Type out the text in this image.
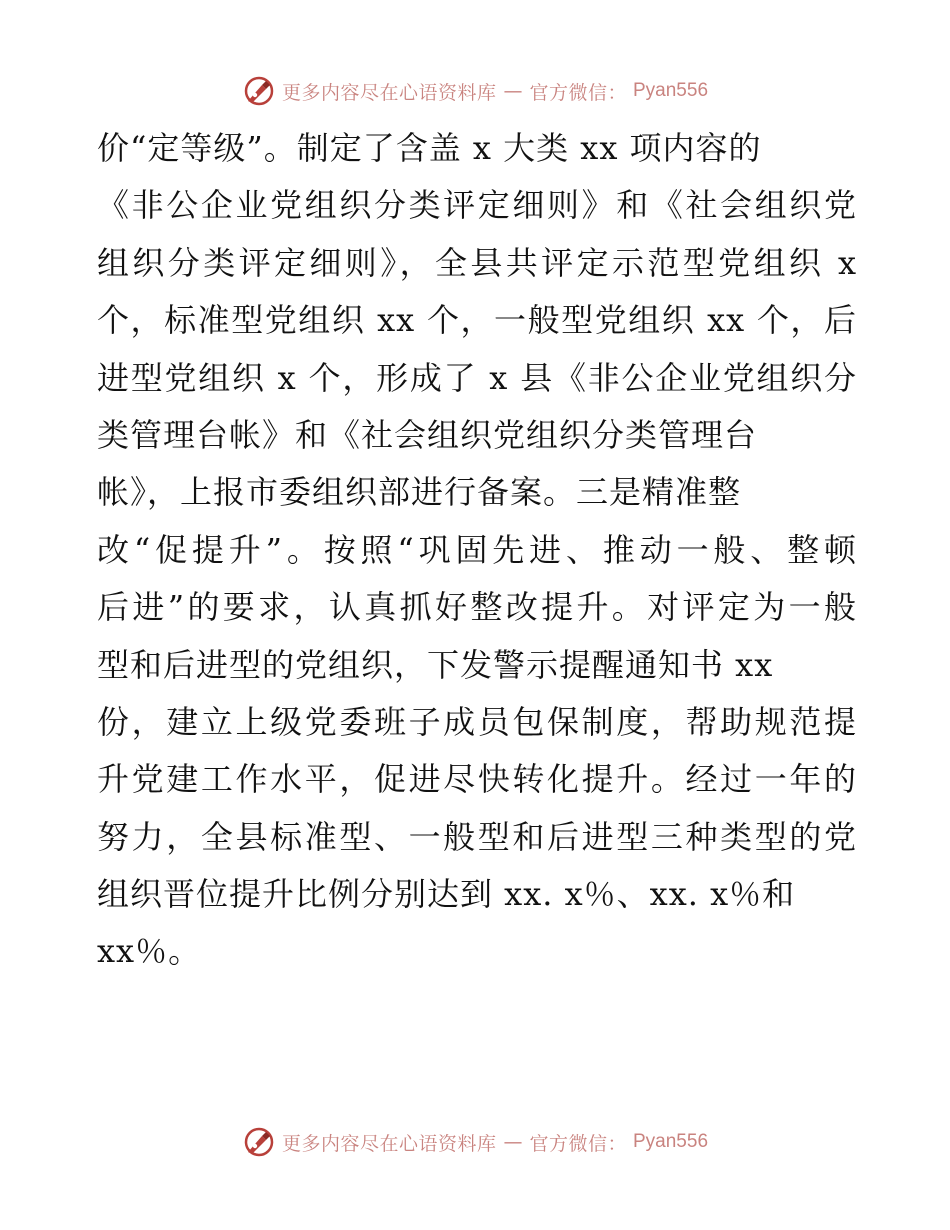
更多内容尽在心语资料库 — 官方微信： Pyan556
价“定等级”。制定了含盖 x 大类 xx 项内容的
《非公企业党组织分类评定细则》和《社会组织党
组织分类评定细则》，全县共评定示范型党组织 x
个，标准型党组织 xx 个，一般型党组织 xx 个，后
进型党组织 x 个，形成了 x 县《非公企业党组织分
类管理台帐》和《社会组织党组织分类管理台
帐》，上报市委组织部进行备案。三是精准整
改“促提升”。按照“巩固先进、推动一般、整顿
后进”的要求，认真抓好整改提升。对评定为一般
型和后进型的党组织，下发警示提醒通知书 xx
份，建立上级党委班子成员包保制度，帮助规范提
升党建工作水平，促进尽快转化提升。经过一年的
努力，全县标准型、一般型和后进型三种类型的党
组织晋位提升比例分别达到 xx. x％、xx. x％和
xx％。
更多内容尽在心语资料库 — 官方微信： Pyan556
